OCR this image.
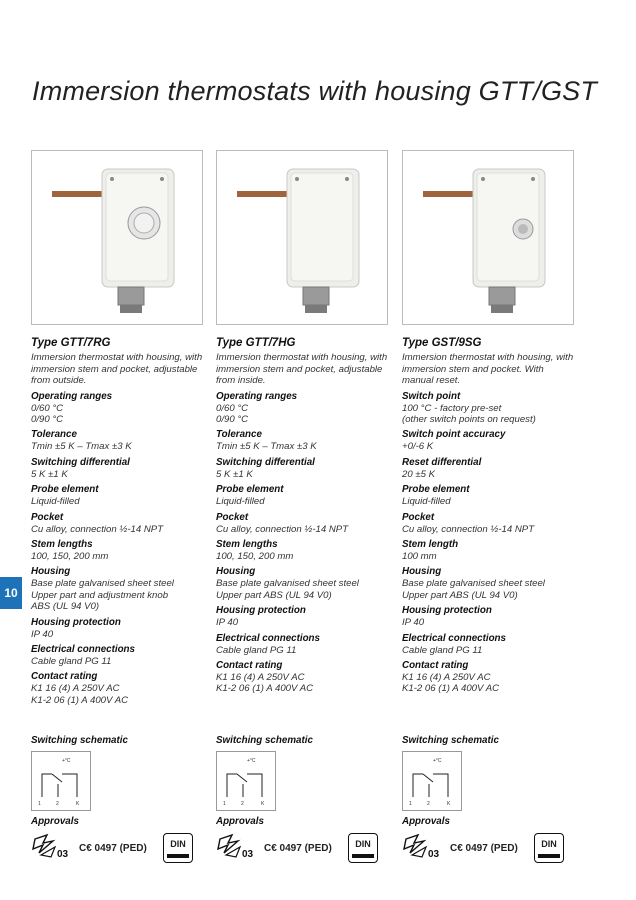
Immersion thermostats with housing GTT/GST
10
Type GTT/7RG
Immersion thermostat with housing, with immersion stem and pocket, adjustable from outside.
Operating ranges
0/60 °C
0/90 °C
Tolerance
Tmin ±5 K – Tmax ±3 K
Switching differential
5 K ±1 K
Probe element
Liquid-filled
Pocket
Cu alloy, connection ½-14 NPT
Stem lengths
100, 150, 200 mm
Housing
Base plate galvanised sheet steel
Upper part and adjustment knob
ABS (UL 94 V0)
Housing protection
IP 40
Electrical connections
Cable gland PG 11
Contact rating
K1 16 (4) A 250V AC
K1-2 06 (1) A 400V AC
Switching schematic
+°C
1	2	K
Approvals
03
C€ 0497 (PED)	DIN
Type GTT/7HG
Immersion thermostat with housing, with immersion stem and pocket, adjustable from inside.
Operating ranges
0/60 °C
0/90 °C
Tolerance
Tmin ±5 K – Tmax ±3 K
Switching differential
5 K ±1 K
Probe element
Liquid-filled
Pocket
Cu alloy, connection ½-14 NPT
Stem lengths
100, 150, 200 mm
Housing
Base plate galvanised sheet steel
Upper part ABS (UL 94 V0)
Housing protection
IP 40
Electrical connections
Cable gland PG 11
Contact rating
K1 16 (4) A 250V AC
K1-2 06 (1) A 400V AC
Switching schematic
+°C
1	2	K
Approvals
03
C€ 0497 (PED)	DIN
Type GST/9SG
Immersion thermostat with housing, with immersion stem and pocket. With manual reset.
Switch point
100 °C - factory pre-set
(other switch points on request)
Switch point accuracy
+0/-6 K
Reset differential
20 ±5 K
Probe element
Liquid-filled
Pocket
Cu alloy, connection ½-14 NPT
Stem length
100 mm
Housing
Base plate galvanised sheet steel
Upper part ABS (UL 94 V0)
Housing protection
IP 40
Electrical connections
Cable gland PG 11
Contact rating
K1 16 (4) A 250V AC
K1-2 06 (1) A 400V AC
Switching schematic
+°C
1	2	K
Approvals
03
C€ 0497 (PED)	DIN
